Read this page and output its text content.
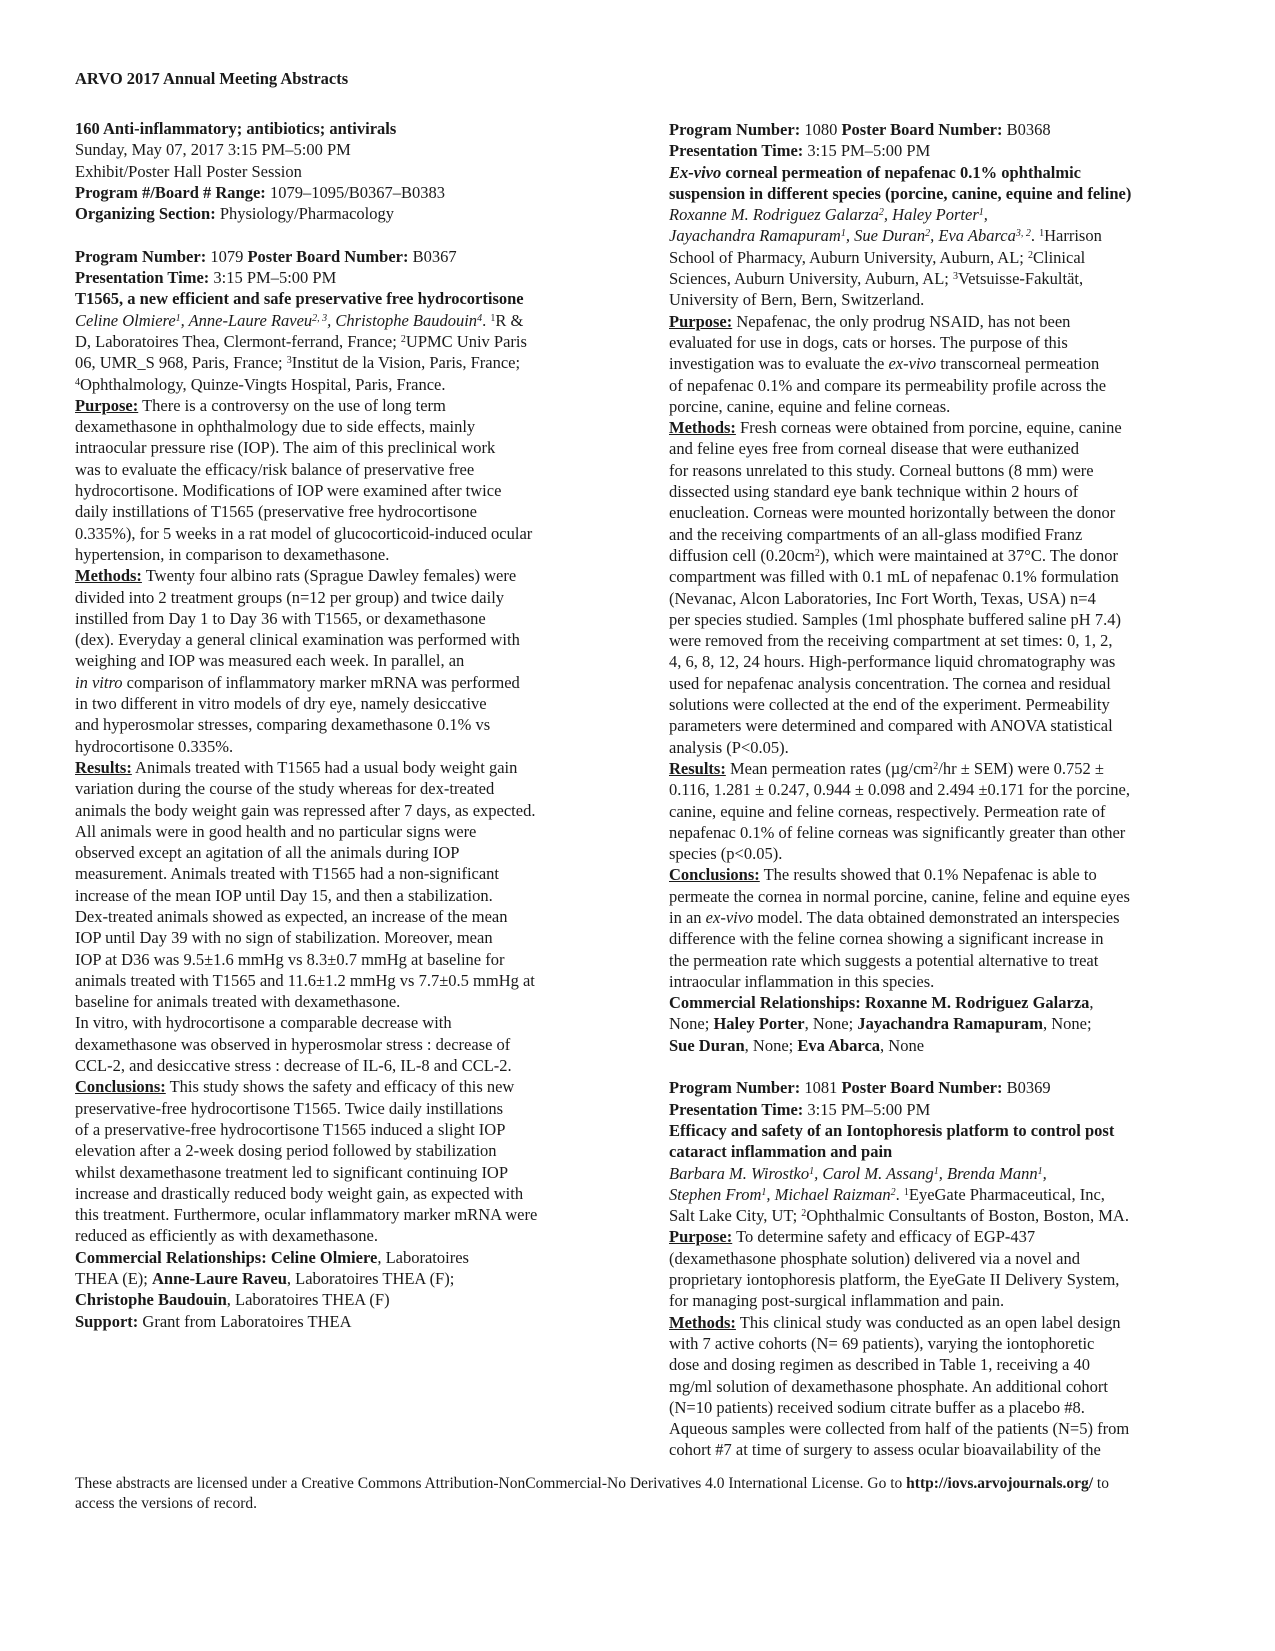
ARVO 2017 Annual Meeting Abstracts
160 Anti-inflammatory; antibiotics; antivirals
Sunday, May 07, 2017 3:15 PM–5:00 PM
Exhibit/Poster Hall Poster Session
Program #/Board # Range: 1079–1095/B0367–B0383
Organizing Section: Physiology/Pharmacology
Program Number: 1079 Poster Board Number: B0367
Presentation Time: 3:15 PM–5:00 PM
T1565, a new efficient and safe preservative free hydrocortisone
Celine Olmiere$^1$, Anne-Laure Raveu$^{2, 3}$, Christophe Baudouin$^4$. $^1$R &
D, Laboratoires Thea, Clermont-ferrand, France; $^2$UPMC Univ Paris
06, UMR_S 968, Paris, France; $^3$Institut de la Vision, Paris, France;
$^4$Ophthalmology, Quinze-Vingts Hospital, Paris, France.
Purpose: There is a controversy on the use of long term
dexamethasone in ophthalmology due to side effects, mainly
intraocular pressure rise (IOP). The aim of this preclinical work
was to evaluate the efficacy/risk balance of preservative free
hydrocortisone. Modifications of IOP were examined after twice
daily instillations of T1565 (preservative free hydrocortisone
0.335%), for 5 weeks in a rat model of glucocorticoid-induced ocular
hypertension, in comparison to dexamethasone.
Methods: Twenty four albino rats (Sprague Dawley females) were
divided into 2 treatment groups (n=12 per group) and twice daily
instilled from Day 1 to Day 36 with T1565, or dexamethasone
(dex). Everyday a general clinical examination was performed with
weighing and IOP was measured each week. In parallel, an
in vitro comparison of inflammatory marker mRNA was performed
in two different in vitro models of dry eye, namely desiccative
and hyperosmolar stresses, comparing dexamethasone 0.1% vs
hydrocortisone 0.335%.
Results: Animals treated with T1565 had a usual body weight gain
variation during the course of the study whereas for dex-treated
animals the body weight gain was repressed after 7 days, as expected.
All animals were in good health and no particular signs were
observed except an agitation of all the animals during IOP
measurement. Animals treated with T1565 had a non-significant
increase of the mean IOP until Day 15, and then a stabilization.
Dex-treated animals showed as expected, an increase of the mean
IOP until Day 39 with no sign of stabilization. Moreover, mean
IOP at D36 was 9.5±1.6 mmHg vs 8.3±0.7 mmHg at baseline for
animals treated with T1565 and 11.6±1.2 mmHg vs 7.7±0.5 mmHg at
baseline for animals treated with dexamethasone.
In vitro, with hydrocortisone a comparable decrease with
dexamethasone was observed in hyperosmolar stress : decrease of
CCL-2, and desiccative stress : decrease of IL-6, IL-8 and CCL-2.
Conclusions: This study shows the safety and efficacy of this new
preservative-free hydrocortisone T1565. Twice daily instillations
of a preservative-free hydrocortisone T1565 induced a slight IOP
elevation after a 2-week dosing period followed by stabilization
whilst dexamethasone treatment led to significant continuing IOP
increase and drastically reduced body weight gain, as expected with
this treatment. Furthermore, ocular inflammatory marker mRNA were
reduced as efficiently as with dexamethasone.
Commercial Relationships: Celine Olmiere, Laboratoires
THEA (E); Anne-Laure Raveu, Laboratoires THEA (F);
Christophe Baudouin, Laboratoires THEA (F)
Support: Grant from Laboratoires THEA
Program Number: 1080 Poster Board Number: B0368
Presentation Time: 3:15 PM–5:00 PM
Ex-vivo corneal permeation of nepafenac 0.1% ophthalmic
suspension in different species (porcine, canine, equine and feline)
Roxanne M. Rodriguez Galarza$^2$, Haley Porter$^1$,
Jayachandra Ramapuram$^1$, Sue Duran$^2$, Eva Abarca$^{3, 2}$. $^1$Harrison
School of Pharmacy, Auburn University, Auburn, AL; $^2$Clinical
Sciences, Auburn University, Auburn, AL; $^3$Vetsuisse-Fakultät,
University of Bern, Bern, Switzerland.
Purpose: Nepafenac, the only prodrug NSAID, has not been
evaluated for use in dogs, cats or horses. The purpose of this
investigation was to evaluate the ex-vivo transcorneal permeation
of nepafenac 0.1% and compare its permeability profile across the
porcine, canine, equine and feline corneas.
Methods: Fresh corneas were obtained from porcine, equine, canine
and feline eyes free from corneal disease that were euthanized
for reasons unrelated to this study. Corneal buttons (8 mm) were
dissected using standard eye bank technique within 2 hours of
enucleation. Corneas were mounted horizontally between the donor
and the receiving compartments of an all-glass modified Franz
diffusion cell $(0.20cm^2)$, which were maintained at 37°C. The donor
compartment was filled with 0.1 mL of nepafenac 0.1% formulation
(Nevanac, Alcon Laboratories, Inc Fort Worth, Texas, USA) n=4
per species studied. Samples (1ml phosphate buffered saline pH 7.4)
were removed from the receiving compartment at set times: 0, 1, 2,
4, 6, 8, 12, 24 hours. High-performance liquid chromatography was
used for nepafenac analysis concentration. The cornea and residual
solutions were collected at the end of the experiment. Permeability
parameters were determined and compared with ANOVA statistical
analysis (P<0.05).
Results: Mean permeation rates $(\mu g/cm^2/hr \pm SEM)$ were 0.752 ±
0.116, 1.281 ± 0.247, 0.944 ± 0.098 and 2.494 ±0.171 for the porcine,
canine, equine and feline corneas, respectively. Permeation rate of
nepafenac 0.1% of feline corneas was significantly greater than other
species (p<0.05).
Conclusions: The results showed that 0.1% Nepafenac is able to
permeate the cornea in normal porcine, canine, feline and equine eyes
in an ex-vivo model. The data obtained demonstrated an interspecies
difference with the feline cornea showing a significant increase in
the permeation rate which suggests a potential alternative to treat
intraocular inflammation in this species.
Commercial Relationships: Roxanne M. Rodriguez Galarza,
None; Haley Porter, None; Jayachandra Ramapuram, None;
Sue Duran, None; Eva Abarca, None
Program Number: 1081 Poster Board Number: B0369
Presentation Time: 3:15 PM–5:00 PM
Efficacy and safety of an Iontophoresis platform to control post
cataract inflammation and pain
Barbara M. Wirostko$^1$, Carol M. Assang$^1$, Brenda Mann$^1$,
Stephen From$^1$, Michael Raizman$^2$. $^1$EyeGate Pharmaceutical, Inc,
Salt Lake City, UT; $^2$Ophthalmic Consultants of Boston, Boston, MA.
Purpose: To determine safety and efficacy of EGP-437
(dexamethasone phosphate solution) delivered via a novel and
proprietary iontophoresis platform, the EyeGate II Delivery System,
for managing post-surgical inflammation and pain.
Methods: This clinical study was conducted as an open label design
with 7 active cohorts (N= 69 patients), varying the iontophoretic
dose and dosing regimen as described in Table 1, receiving a 40
mg/ml solution of dexamethasone phosphate. An additional cohort
(N=10 patients) received sodium citrate buffer as a placebo #8.
Aqueous samples were collected from half of the patients (N=5) from
cohort #7 at time of surgery to assess ocular bioavailability of the
These abstracts are licensed under a Creative Commons Attribution-NonCommercial-No Derivatives 4.0 International License. Go to http://iovs.arvojournals.org/ to
access the versions of record.
